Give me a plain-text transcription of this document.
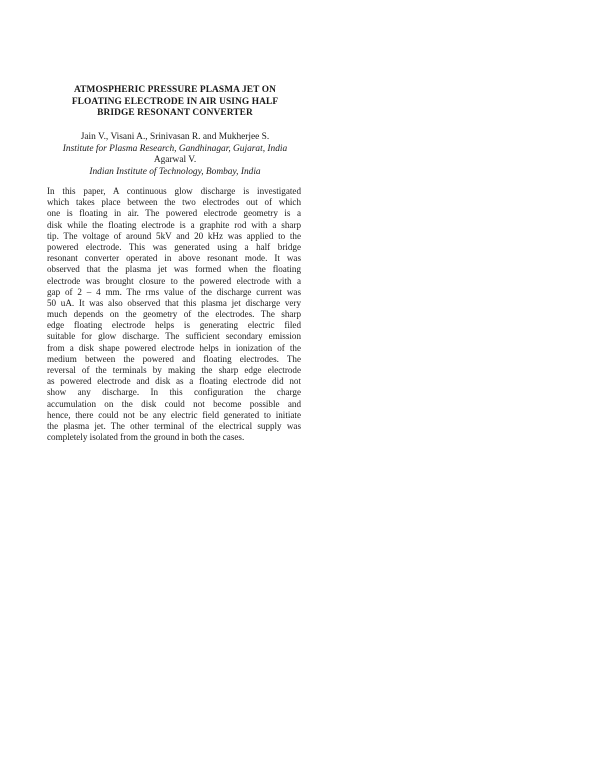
ATMOSPHERIC PRESSURE PLASMA JET ON
FLOATING ELECTRODE IN AIR USING HALF
BRIDGE RESONANT CONVERTER
Jain V., Visani A., Srinivasan R. and Mukherjee S.
Institute for Plasma Research, Gandhinagar, Gujarat, India
Agarwal V.
Indian Institute of Technology, Bombay, India
In this paper, A continuous glow discharge is investigated
which takes place between the two electrodes out of which
one is floating in air. The powered electrode geometry is a
disk while the floating electrode is a graphite rod with a sharp
tip. The voltage of around 5kV and 20 kHz was applied to the
powered electrode. This was generated using a half bridge
resonant converter operated in above resonant mode. It was
observed that the plasma jet was formed when the floating
electrode was brought closure to the powered electrode with a
gap of 2 – 4 mm. The rms value of the discharge current was
50 uA. It was also observed that this plasma jet discharge very
much depends on the geometry of the electrodes. The sharp
edge floating electrode helps is generating electric filed
suitable for glow discharge. The sufficient secondary emission
from a disk shape powered electrode helps in ionization of the
medium between the powered and floating electrodes. The
reversal of the terminals by making the sharp edge electrode
as powered electrode and disk as a floating electrode did not
show any discharge. In this configuration the charge
accumulation on the disk could not become possible and
hence, there could not be any electric field generated to initiate
the plasma jet. The other terminal of the electrical supply was
completely isolated from the ground in both the cases.
